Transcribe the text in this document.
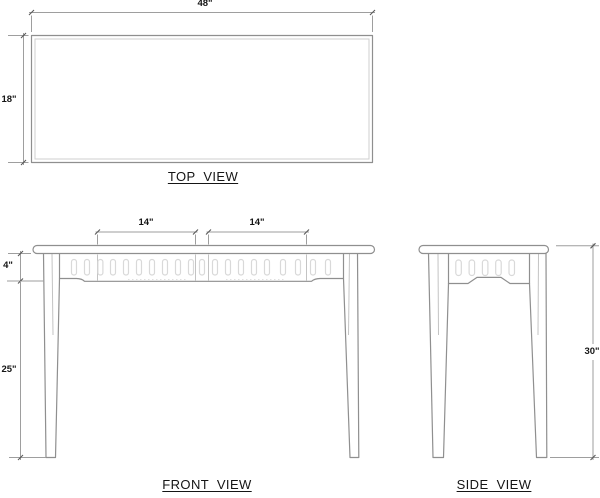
48"
18"
TOP  VIEW
14"	14"
4"
25"
FRONT  VIEW
30"
SIDE  VIEW
